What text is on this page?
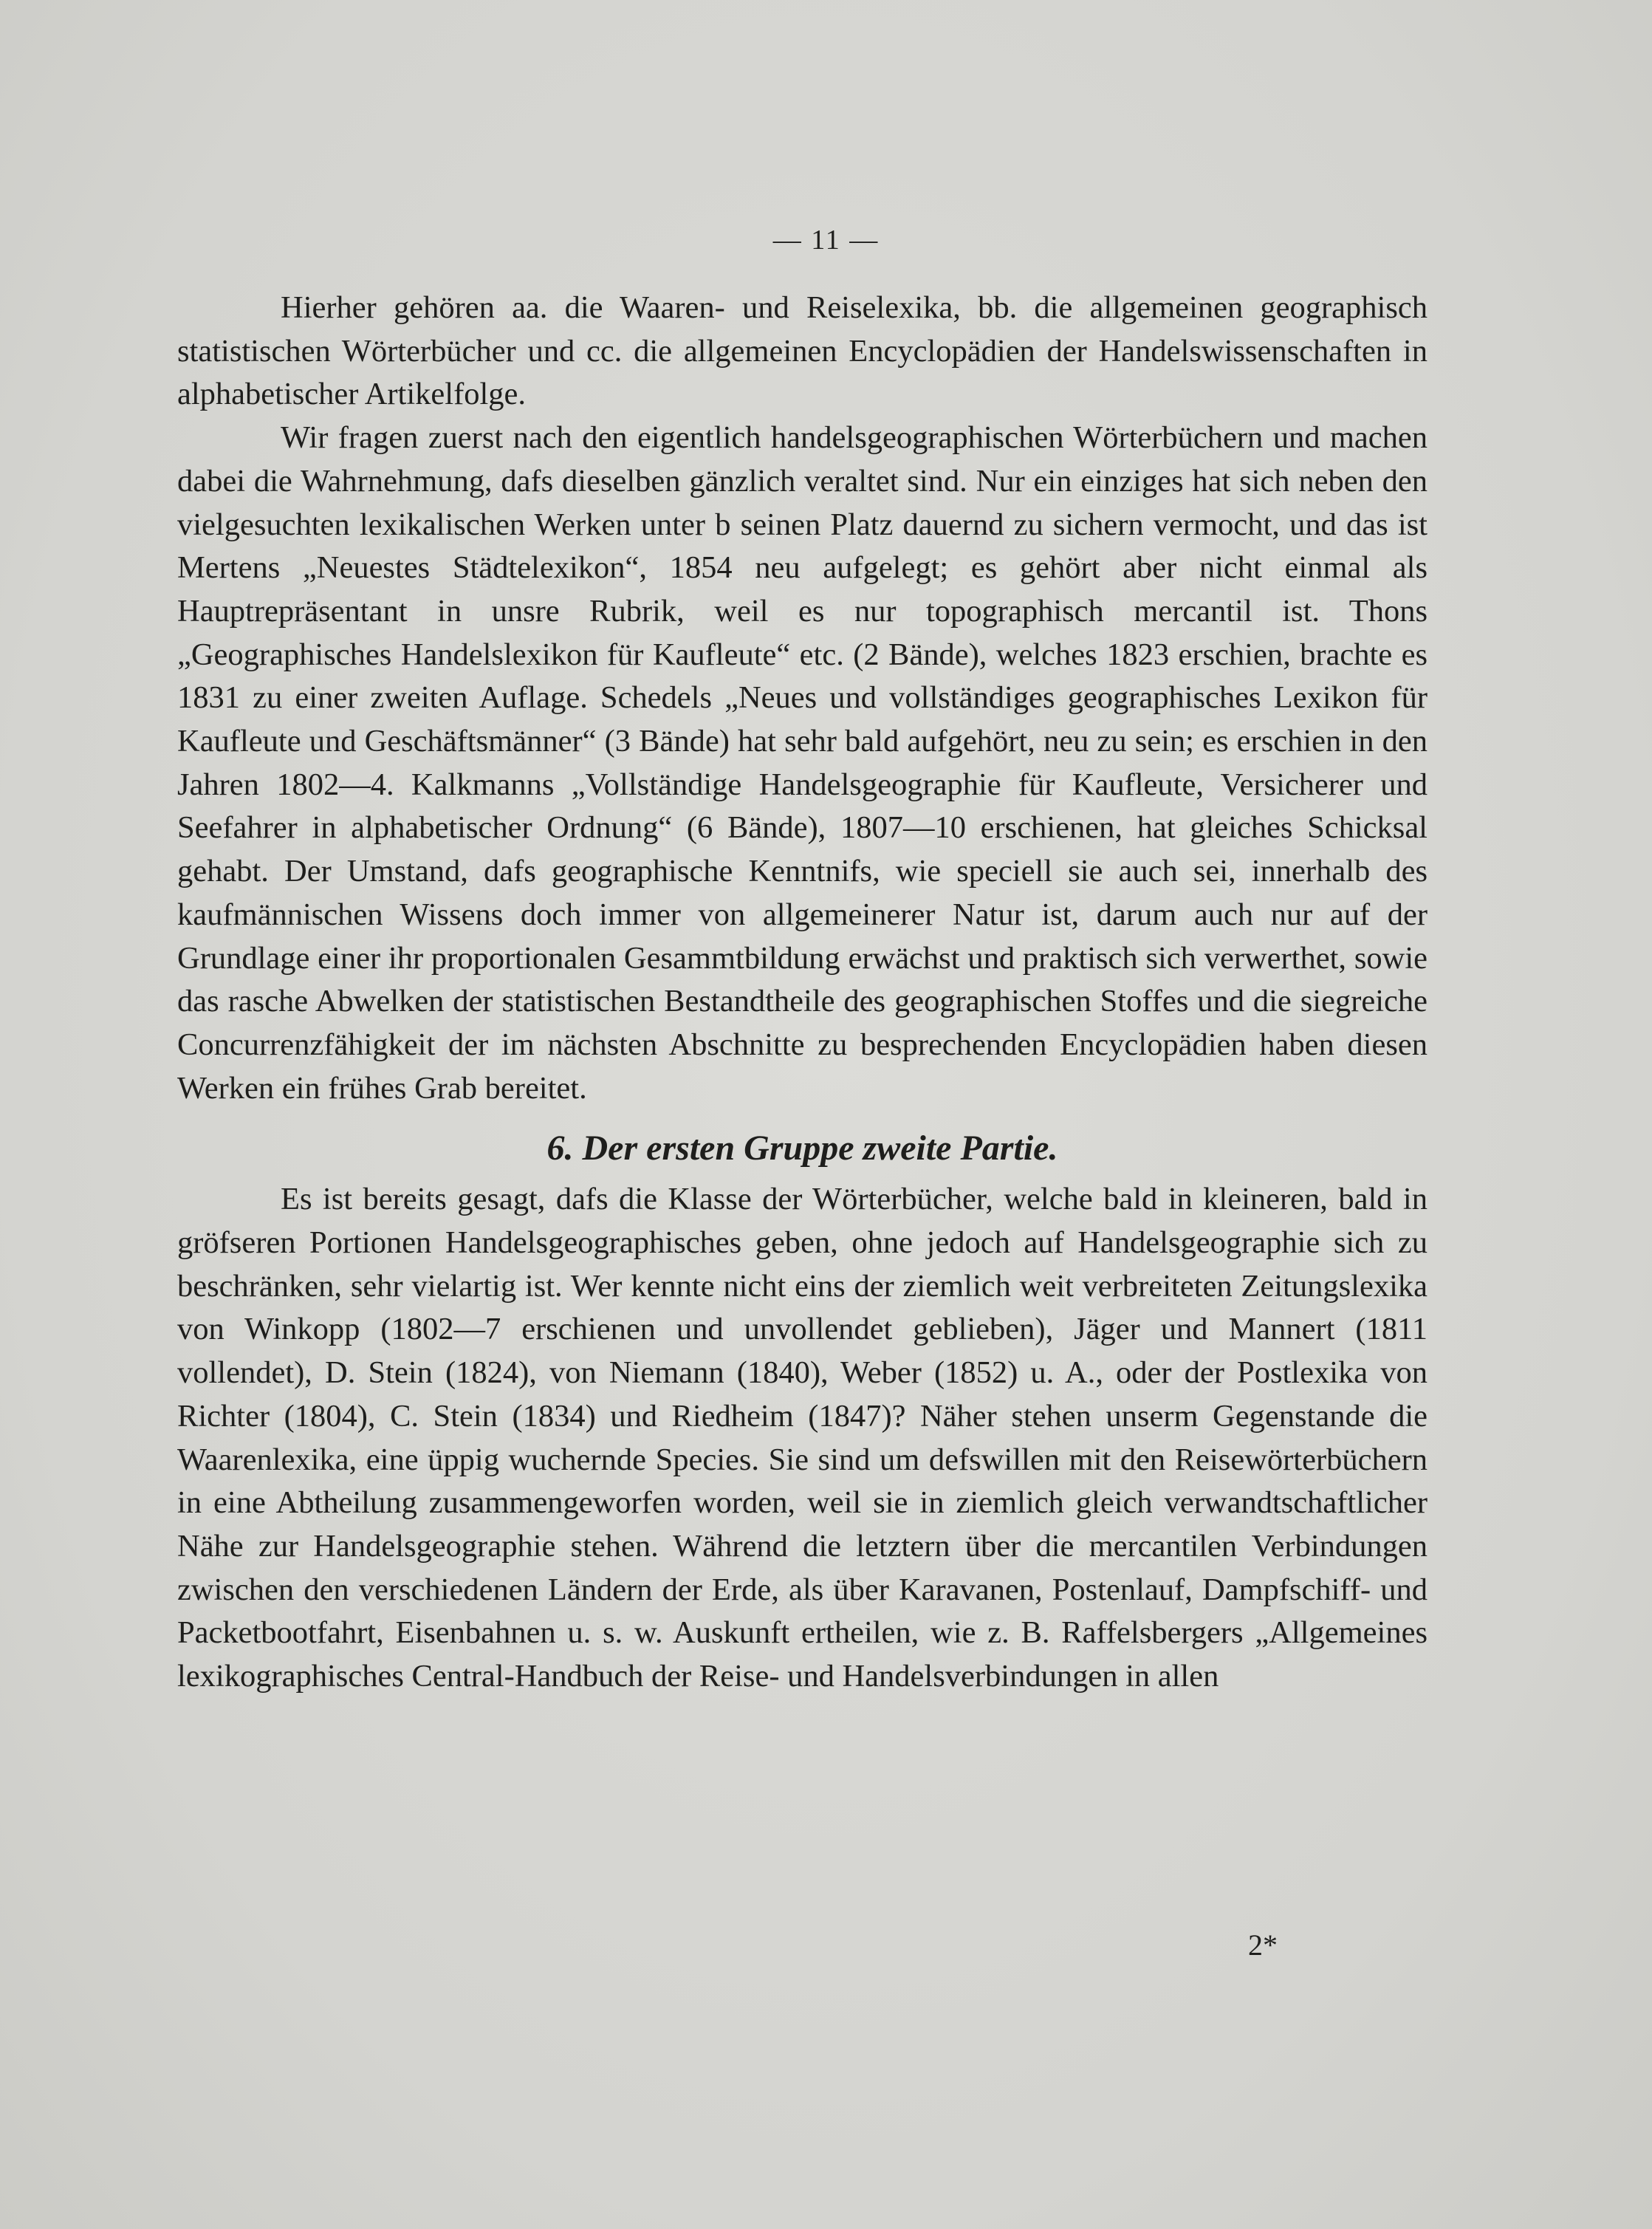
— 11 —

Hierher gehören aa. die Waaren- und Reiselexika, bb. die allgemeinen geographisch statistischen Wörterbücher und cc. die allgemeinen Encyclopädien der Handelswissenschaften in alphabetischer Artikelfolge.

Wir fragen zuerst nach den eigentlich handelsgeographischen Wörterbüchern und machen dabei die Wahrnehmung, dafs dieselben gänzlich veraltet sind. Nur ein einziges hat sich neben den vielgesuchten lexikalischen Werken unter b seinen Platz dauernd zu sichern vermocht, und das ist Mertens „Neuestes Städtelexikon“, 1854 neu aufgelegt; es gehört aber nicht einmal als Hauptrepräsentant in unsre Rubrik, weil es nur topographisch mercantil ist. Thons „Geographisches Handelslexikon für Kaufleute“ etc. (2 Bände), welches 1823 erschien, brachte es 1831 zu einer zweiten Auflage. Schedels „Neues und vollständiges geographisches Lexikon für Kaufleute und Geschäftsmänner“ (3 Bände) hat sehr bald aufgehört, neu zu sein; es erschien in den Jahren 1802—4. Kalkmanns „Vollständige Handelsgeographie für Kaufleute, Versicherer und Seefahrer in alphabetischer Ordnung“ (6 Bände), 1807—10 erschienen, hat gleiches Schicksal gehabt. Der Umstand, dafs geographische Kenntnifs, wie speciell sie auch sei, innerhalb des kaufmännischen Wissens doch immer von allgemeinerer Natur ist, darum auch nur auf der Grundlage einer ihr proportionalen Gesammtbildung erwächst und praktisch sich verwerthet, sowie das rasche Abwelken der statistischen Bestandtheile des geographischen Stoffes und die siegreiche Concurrenzfähigkeit der im nächsten Abschnitte zu besprechenden Encyclopädien haben diesen Werken ein frühes Grab bereitet.

6. Der ersten Gruppe zweite Partie.

Es ist bereits gesagt, dafs die Klasse der Wörterbücher, welche bald in kleineren, bald in gröfseren Portionen Handelsgeographisches geben, ohne jedoch auf Handelsgeographie sich zu beschränken, sehr vielartig ist. Wer kennte nicht eins der ziemlich weit verbreiteten Zeitungslexika von Winkopp (1802—7 erschienen und unvollendet geblieben), Jäger und Mannert (1811 vollendet), D. Stein (1824), von Niemann (1840), Weber (1852) u. A., oder der Postlexika von Richter (1804), C. Stein (1834) und Riedheim (1847)? Näher stehen unserm Gegenstande die Waarenlexika, eine üppig wuchernde Species. Sie sind um defswillen mit den Reisewörterbüchern in eine Abtheilung zusammengeworfen worden, weil sie in ziemlich gleich verwandtschaftlicher Nähe zur Handelsgeographie stehen. Während die letztern über die mercantilen Verbindungen zwischen den verschiedenen Ländern der Erde, als über Karavanen, Postenlauf, Dampfschiff- und Packetbootfahrt, Eisenbahnen u. s. w. Auskunft ertheilen, wie z. B. Raffelsbergers „Allgemeines lexikographisches Central-Handbuch der Reise- und Handelsverbindungen in allen

2*
